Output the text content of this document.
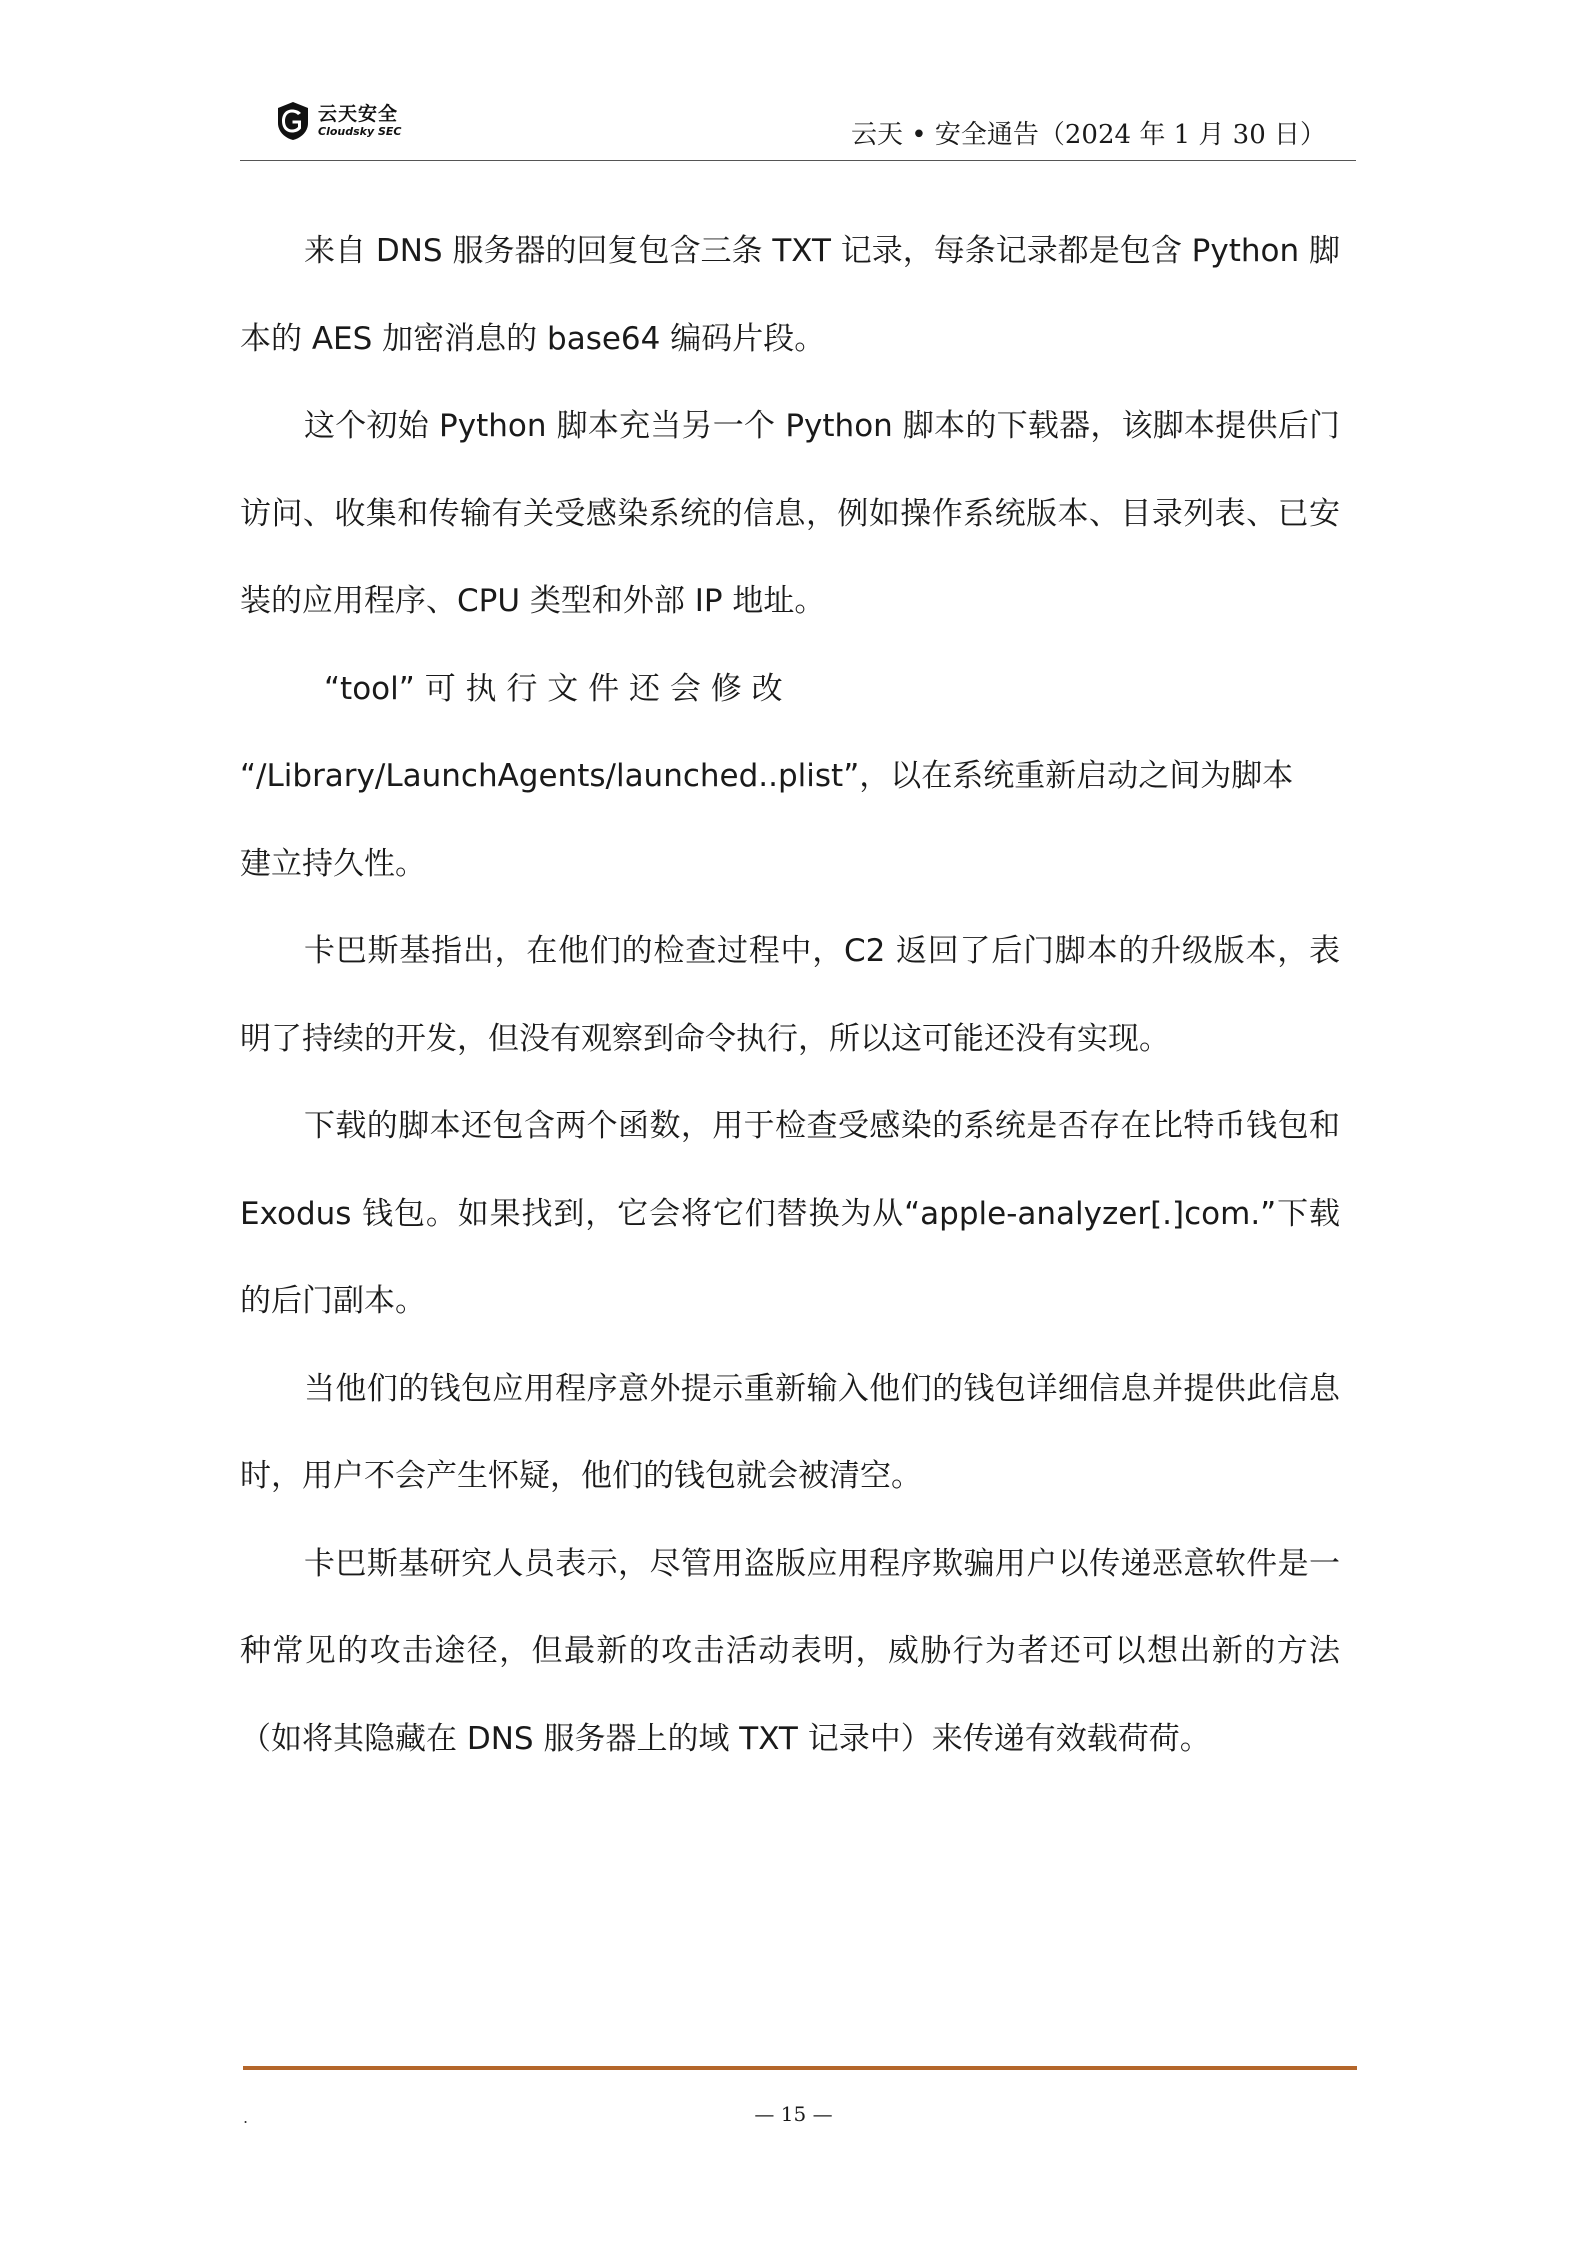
云天安全
Cloudsky SEC	云天 • 安全通告（2024 年 1 月 30 日）

来自 DNS 服务器的回复包含三条 TXT 记录，每条记录都是包含 Python 脚本的 AES 加密消息的 base64 编码片段。

这个初始 Python 脚本充当另一个 Python 脚本的下载器，该脚本提供后门访问、收集和传输有关受感染系统的信息，例如操作系统版本、目录列表、已安装的应用程序、CPU 类型和外部 IP 地址。

“tool” 可 执 行 文 件 还 会 修 改
“/Library/LaunchAgents/launched..plist”，以在系统重新启动之间为脚本
建立持久性。

卡巴斯基指出，在他们的检查过程中，C2 返回了后门脚本的升级版本，表明了持续的开发，但没有观察到命令执行，所以这可能还没有实现。

下载的脚本还包含两个函数，用于检查受感染的系统是否存在比特币钱包和 Exodus 钱包。如果找到，它会将它们替换为从“apple-analyzer[.]com.”下载的后门副本。

当他们的钱包应用程序意外提示重新输入他们的钱包详细信息并提供此信息时，用户不会产生怀疑，他们的钱包就会被清空。

卡巴斯基研究人员表示，尽管用盗版应用程序欺骗用户以传递恶意软件是一种常见的攻击途径，但最新的攻击活动表明，威胁行为者还可以想出新的方法（如将其隐藏在 DNS 服务器上的域 TXT 记录中）来传递有效载荷荷。

.	— 15 —
